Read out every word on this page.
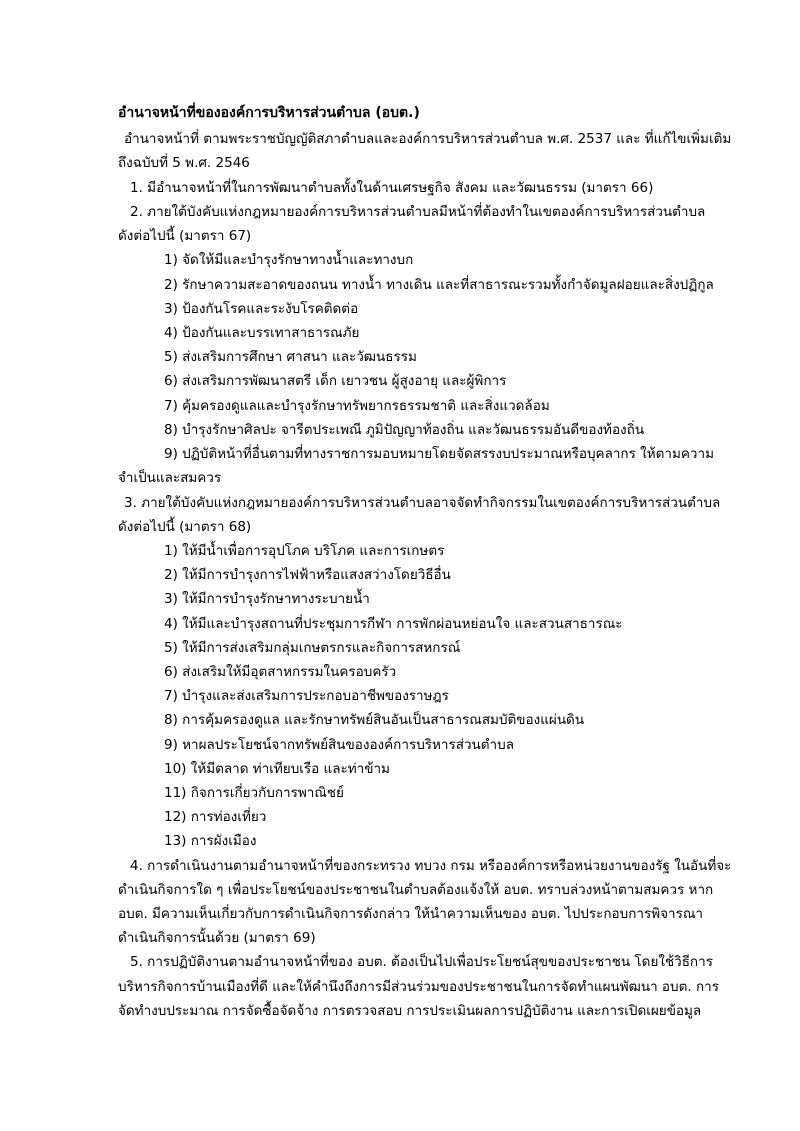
อำนาจหน้าที่ขององค์การบริหารส่วนตำบล (อบต.)
อำนาจหน้าที่ ตามพระราชบัญญัติสภาตำบลและองค์การบริหารส่วนตำบล พ.ศ. 2537 และ ที่แก้ไขเพิ่มเติม
ถึงฉบับที่ 5 พ.ศ. 2546
1. มีอำนาจหน้าที่ในการพัฒนาตำบลทั้งในด้านเศรษฐกิจ สังคม และวัฒนธรรม (มาตรา 66)
2. ภายใต้บังคับแห่งกฎหมายองค์การบริหารส่วนตำบลมีหน้าที่ต้องทำในเขตองค์การบริหารส่วนตำบล
ดังต่อไปนี้ (มาตรา 67)
1) จัดให้มีและบำรุงรักษาทางน้ำและทางบก
2) รักษาความสะอาดของถนน ทางน้ำ ทางเดิน และที่สาธารณะรวมทั้งกำจัดมูลฝอยและสิ่งปฏิกูล
3) ป้องกันโรคและระงับโรคติดต่อ
4) ป้องกันและบรรเทาสาธารณภัย
5) ส่งเสริมการศึกษา ศาสนา และวัฒนธรรม
6) ส่งเสริมการพัฒนาสตรี เด็ก เยาวชน ผู้สูงอายุ และผู้พิการ
7) คุ้มครองดูแลและบำรุงรักษาทรัพยากรธรรมชาติ และสิ่งแวดล้อม
8) บำรุงรักษาศิลปะ จารีตประเพณี ภูมิปัญญาท้องถิ่น และวัฒนธรรมอันดีของท้องถิ่น
9) ปฏิบัติหน้าที่อื่นตามที่ทางราชการมอบหมายโดยจัดสรรงบประมาณหรือบุคลากร ให้ตามความ
จำเป็นและสมควร
3. ภายใต้บังคับแห่งกฎหมายองค์การบริหารส่วนตำบลอาจจัดทำกิจกรรมในเขตองค์การบริหารส่วนตำบล
ดังต่อไปนี้ (มาตรา 68)
1) ให้มีน้ำเพื่อการอุปโภค บริโภค และการเกษตร
2) ให้มีการบำรุงการไฟฟ้าหรือแสงสว่างโดยวิธีอื่น
3) ให้มีการบำรุงรักษาทางระบายน้ำ
4) ให้มีและบำรุงสถานที่ประชุมการกีฬา การพักผ่อนหย่อนใจ และสวนสาธารณะ
5) ให้มีการส่งเสริมกลุ่มเกษตรกรและกิจการสหกรณ์
6) ส่งเสริมให้มีอุตสาหกรรมในครอบครัว
7) บำรุงและส่งเสริมการประกอบอาชีพของราษฎร
8) การคุ้มครองดูแล และรักษาทรัพย์สินอันเป็นสาธารณสมบัติของแผ่นดิน
9) หาผลประโยชน์จากทรัพย์สินขององค์การบริหารส่วนตำบล
10) ให้มีตลาด ท่าเทียบเรือ และท่าข้าม
11) กิจการเกี่ยวกับการพาณิชย์
12) การท่องเที่ยว
13) การผังเมือง
4. การดำเนินงานตามอำนาจหน้าที่ของกระทรวง ทบวง กรม หรือองค์การหรือหน่วยงานของรัฐ ในอันที่จะ
ดำเนินกิจการใด ๆ เพื่อประโยชน์ของประชาชนในตำบลต้องแจ้งให้ อบต. ทราบล่วงหน้าตามสมควร หาก
อบต. มีความเห็นเกี่ยวกับการดำเนินกิจการดังกล่าว ให้นำความเห็นของ อบต. ไปประกอบการพิจารณา
ดำเนินกิจการนั้นด้วย (มาตรา 69)
5. การปฏิบัติงานตามอำนาจหน้าที่ของ อบต. ต้องเป็นไปเพื่อประโยชน์สุขของประชาชน โดยใช้วิธีการ
บริหารกิจการบ้านเมืองที่ดี และให้คำนึงถึงการมีส่วนร่วมของประชาชนในการจัดทำแผนพัฒนา อบต. การ
จัดทำงบประมาณ การจัดซื้อจัดจ้าง การตรวจสอบ การประเมินผลการปฏิบัติงาน และการเปิดเผยข้อมูล
